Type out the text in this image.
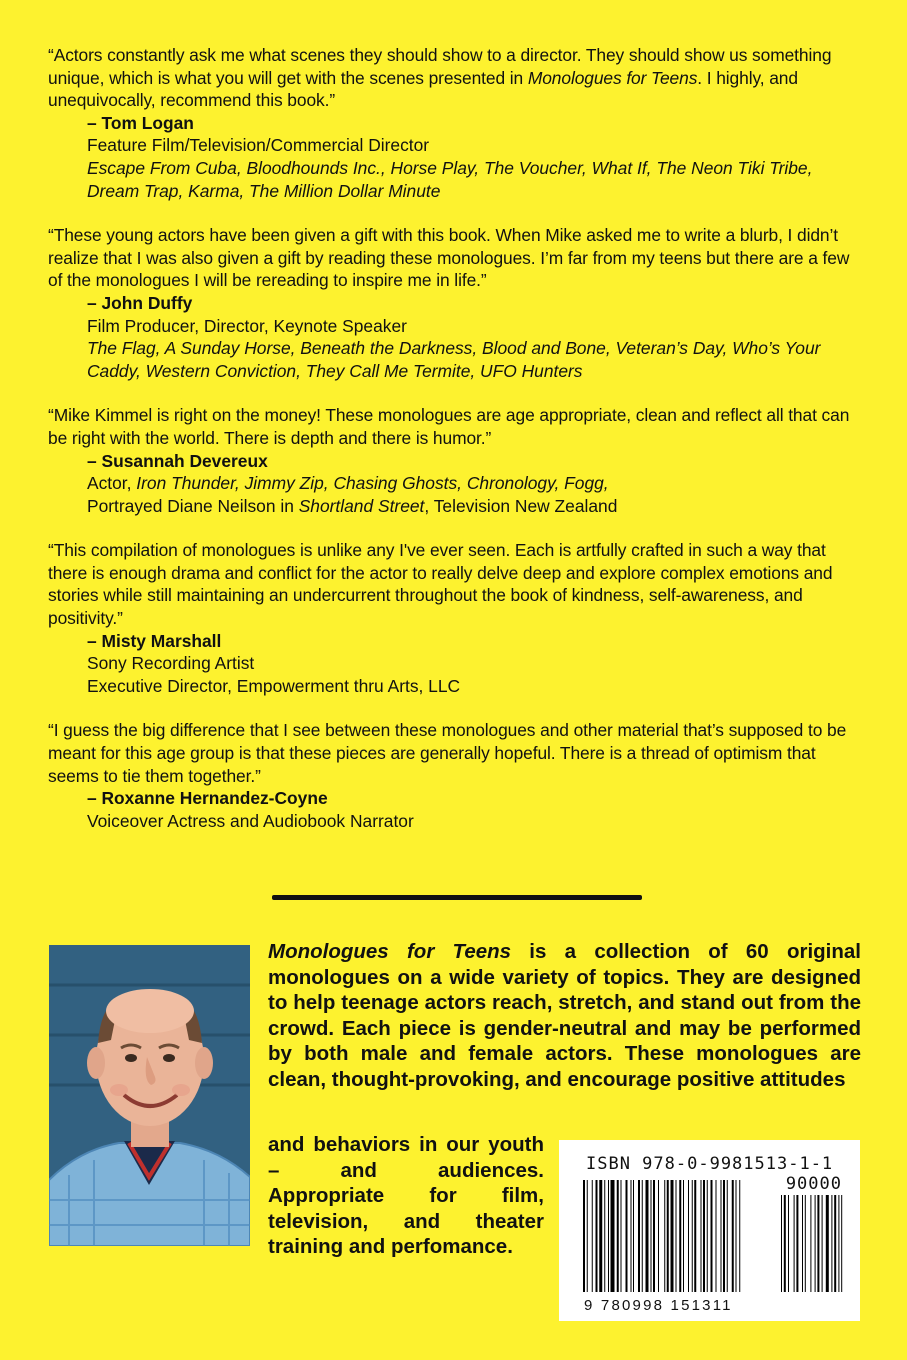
“Actors constantly ask me what scenes they should show to a director. They should show us something unique, which is what you will get with the scenes presented in Monologues for Teens. I highly, and unequivocally, recommend this book.”
– Tom Logan
Feature Film/Television/Commercial Director
Escape From Cuba, Bloodhounds Inc., Horse Play, The Voucher, What If, The Neon Tiki Tribe, Dream Trap, Karma, The Million Dollar Minute
“These young actors have been given a gift with this book. When Mike asked me to write a blurb, I didn’t realize that I was also given a gift by reading these monologues. I’m far from my teens but there are a few of the monologues I will be rereading to inspire me in life.”
– John Duffy
Film Producer, Director, Keynote Speaker
The Flag, A Sunday Horse, Beneath the Darkness, Blood and Bone, Veteran’s Day, Who’s Your Caddy, Western Conviction, They Call Me Termite, UFO Hunters
“Mike Kimmel is right on the money! These monologues are age appropriate, clean and reflect all that can be right with the world. There is depth and there is humor.”
– Susannah Devereux
Actor, Iron Thunder, Jimmy Zip, Chasing Ghosts, Chronology, Fogg,
Portrayed Diane Neilson in Shortland Street, Television New Zealand
“This compilation of monologues is unlike any I've ever seen. Each is artfully crafted in such a way that there is enough drama and conflict for the actor to really delve deep and explore complex emotions and stories while still maintaining an undercurrent throughout the book of kindness, self-awareness, and positivity.”
– Misty Marshall
Sony Recording Artist
Executive Director, Empowerment thru Arts, LLC
“I guess the big difference that I see between these monologues and other material that’s supposed to be meant for this age group is that these pieces are generally hopeful. There is a thread of optimism that seems to tie them together.”
– Roxanne Hernandez-Coyne
Voiceover Actress and Audiobook Narrator
Monologues for Teens is a collection of 60 original monologues on a wide variety of topics. They are designed to help teenage actors reach, stretch, and stand out from the crowd. Each piece is gender-neutral and may be performed by both male and female actors. These monologues are clean, thought-provoking, and encourage positive attitudes
and behaviors in our youth – and audiences. Appropriate for film, television, and theater training and perfomance.
ISBN 978-0-9981513-1-1
90000
9 780998 151311
